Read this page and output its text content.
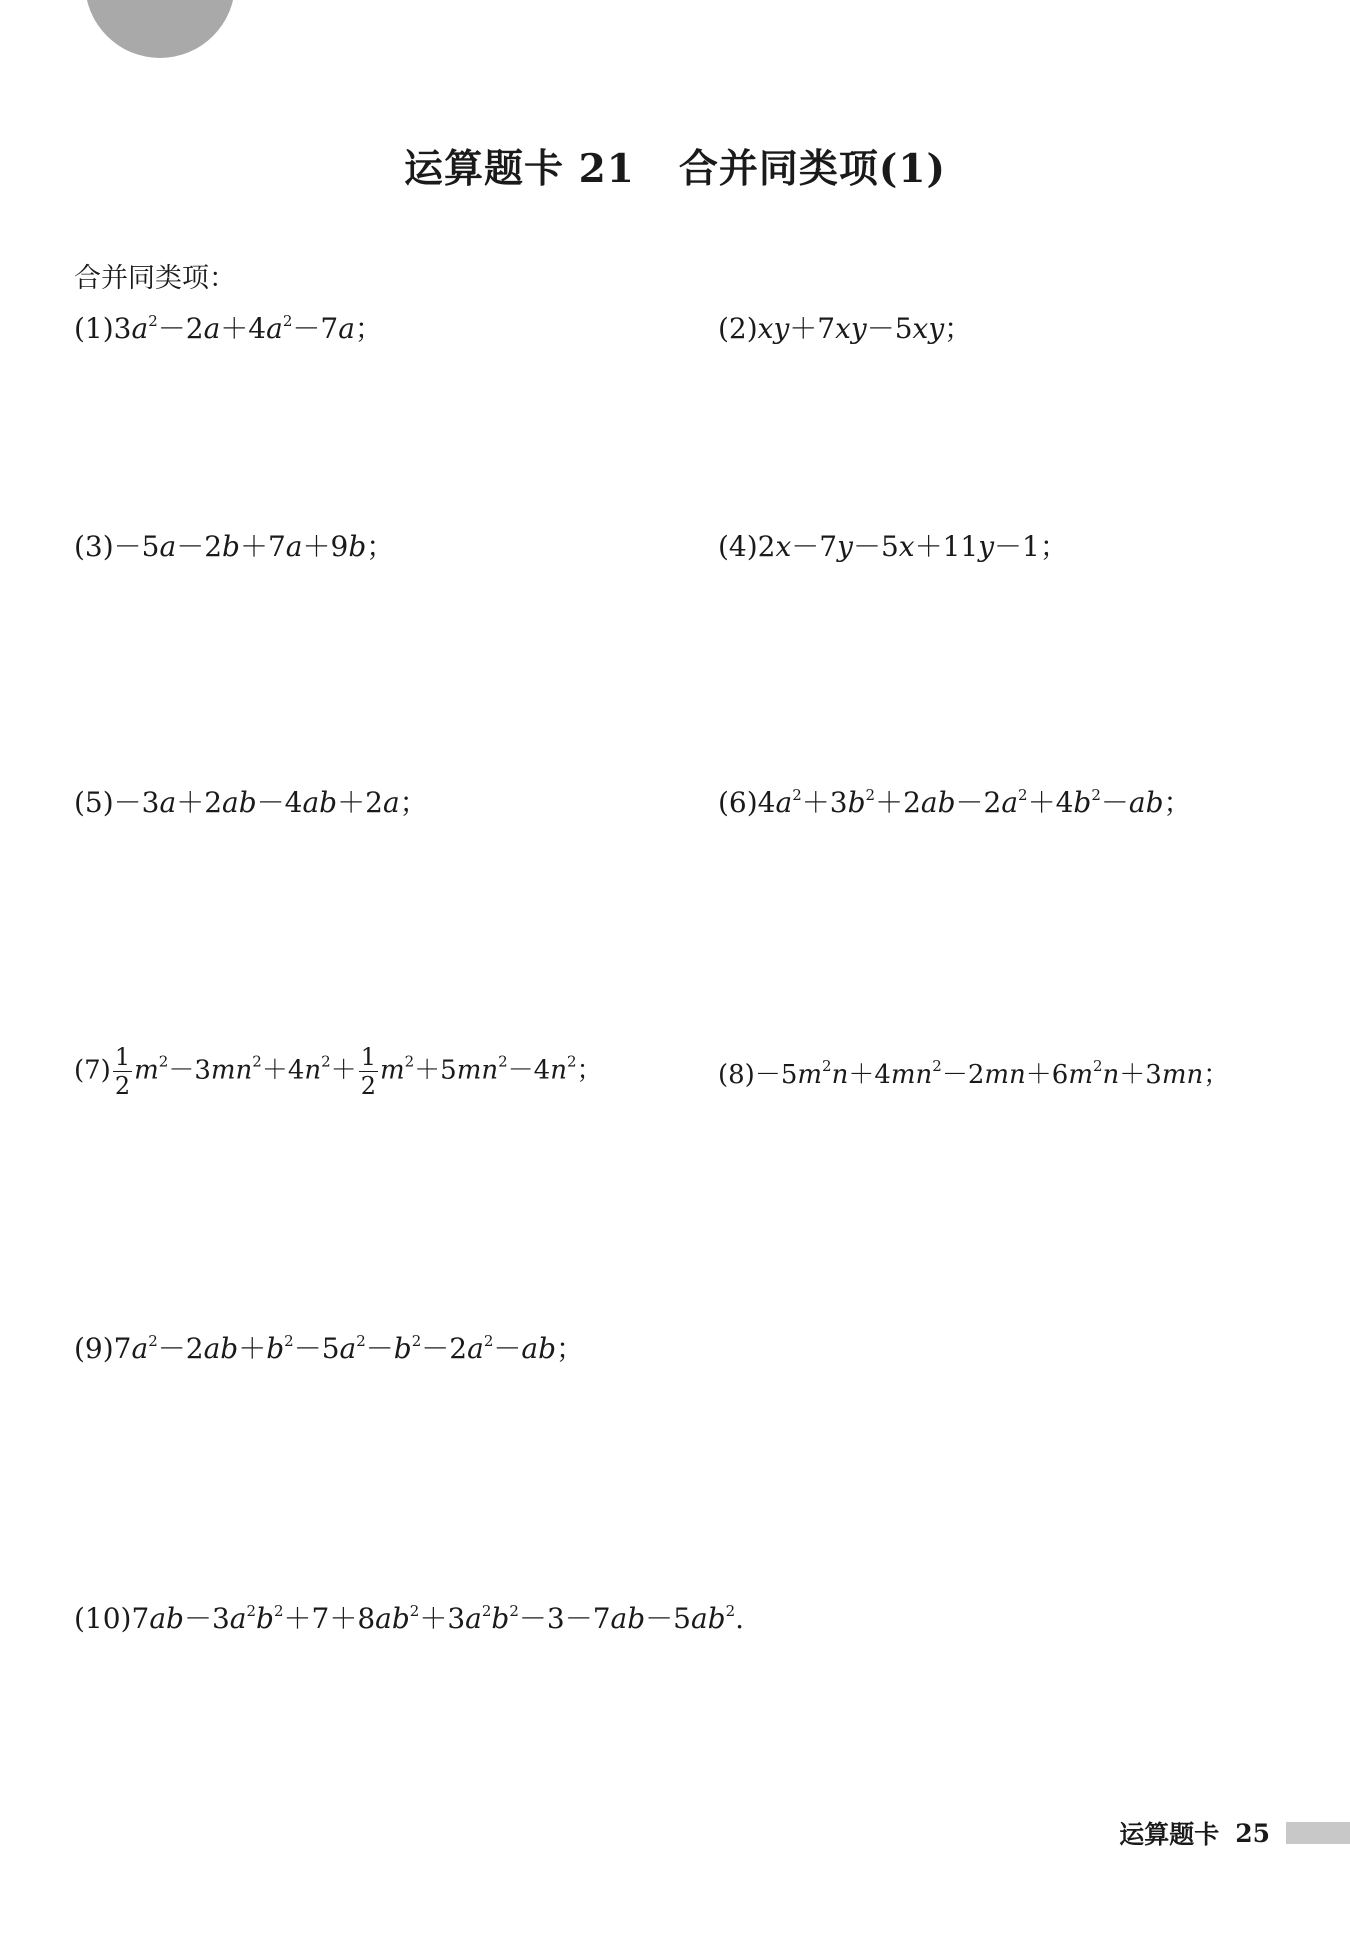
运算题卡 21 合并同类项(1)
合并同类项：
$(1)3a^2-2a+4a^2-7a$；	(2)xy＋7xy－5xy；
(3)－5a－2b＋7a＋9b；	(4)2x－7y－5x＋11y－1；
(5)－3a＋2ab－4ab＋2a；	$(6)4a^2+3b^2+2ab-2a^2+4b^2-ab$；
$(7) \frac{1}{2} m^2-3mn^2+4n^2+ \frac{1}{2} m^2+5mn^2-4n^2$；	$(8)-5m^2n+4mn^2-2mn+6m^2n+3mn$；
$(9)7a^2-2ab+b^2-5a^2-b^2-2a^2-ab$；
$(10)7ab-3a^2b^2+7+8ab^2+3a^2b^2-3-7ab-5ab^2$.
运算题卡 25
